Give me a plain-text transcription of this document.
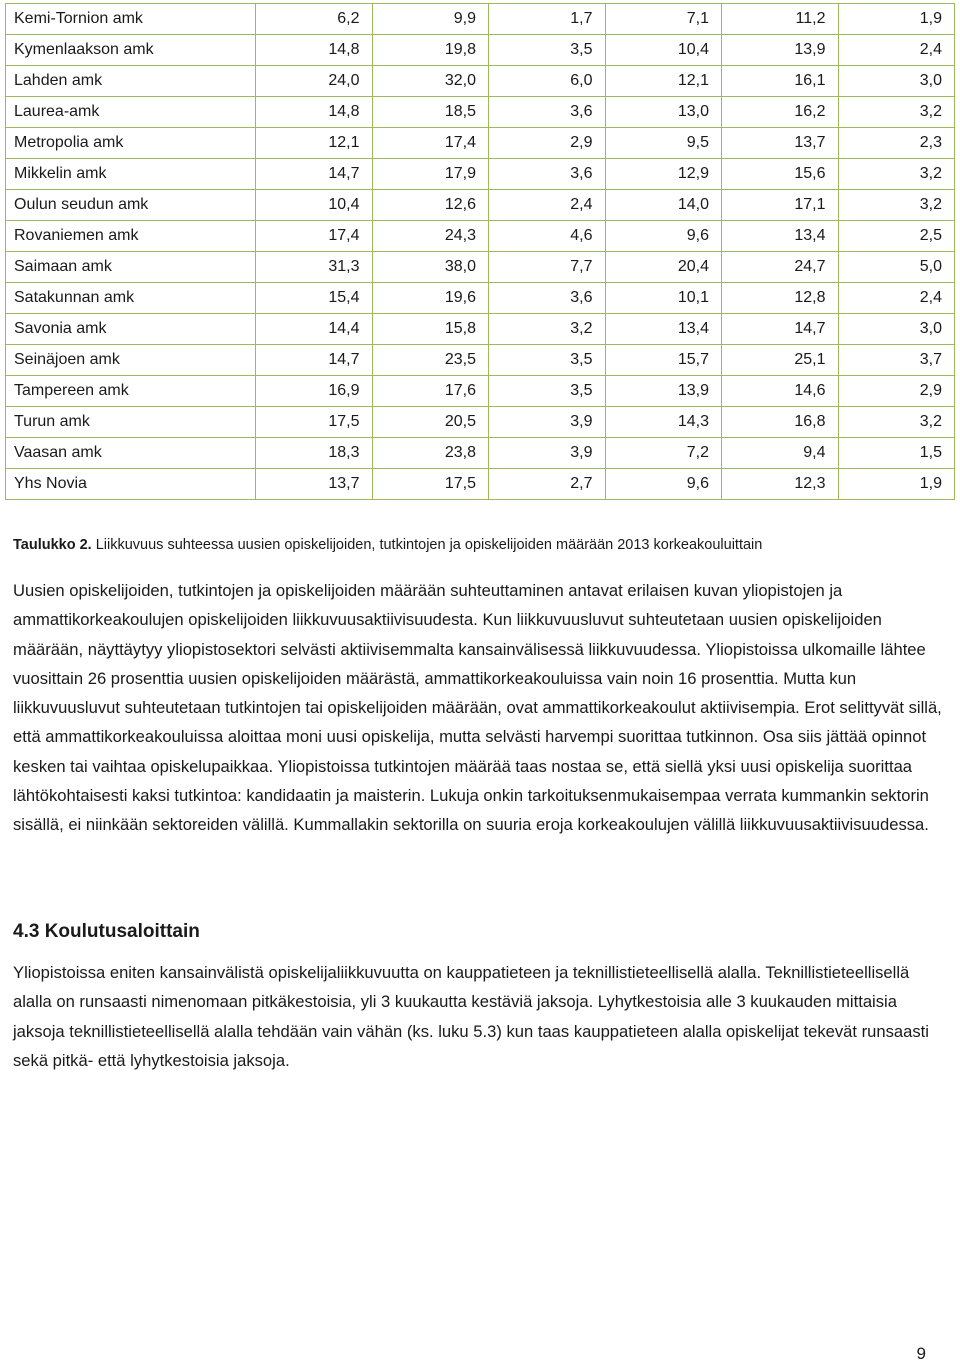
Kemi-Tornion amk	6,2	9,9	1,7	7,1	11,2	1,9
Kymenlaakson amk	14,8	19,8	3,5	10,4	13,9	2,4
Lahden amk	24,0	32,0	6,0	12,1	16,1	3,0
Laurea-amk	14,8	18,5	3,6	13,0	16,2	3,2
Metropolia amk	12,1	17,4	2,9	9,5	13,7	2,3
Mikkelin amk	14,7	17,9	3,6	12,9	15,6	3,2
Oulun seudun amk	10,4	12,6	2,4	14,0	17,1	3,2
Rovaniemen amk	17,4	24,3	4,6	9,6	13,4	2,5
Saimaan amk	31,3	38,0	7,7	20,4	24,7	5,0
Satakunnan amk	15,4	19,6	3,6	10,1	12,8	2,4
Savonia amk	14,4	15,8	3,2	13,4	14,7	3,0
Seinäjoen amk	14,7	23,5	3,5	15,7	25,1	3,7
Tampereen amk	16,9	17,6	3,5	13,9	14,6	2,9
Turun amk	17,5	20,5	3,9	14,3	16,8	3,2
Vaasan amk	18,3	23,8	3,9	7,2	9,4	1,5
Yhs Novia	13,7	17,5	2,7	9,6	12,3	1,9
Taulukko 2. Liikkuvuus suhteessa uusien opiskelijoiden, tutkintojen ja opiskelijoiden määrään 2013 korkeakouluittain

Uusien opiskelijoiden, tutkintojen ja opiskelijoiden määrään suhteuttaminen antavat erilaisen kuvan yliopistojen ja ammattikorkeakoulujen opiskelijoiden liikkuvuusaktiivisuudesta. Kun liikkuvuusluvut suhteutetaan uusien opiskelijoiden määrään, näyttäytyy yliopistosektori selvästi aktiivisemmalta kansainvälisessä liikkuvuudessa. Yliopistoissa ulkomaille lähtee vuosittain 26 prosenttia uusien opiskelijoiden määrästä, ammattikorkeakouluissa vain noin 16 prosenttia. Mutta kun liikkuvuusluvut suhteutetaan tutkintojen tai opiskelijoiden määrään, ovat ammattikorkeakoulut aktiivisempia. Erot selittyvät sillä, että ammattikorkeakouluissa aloittaa moni uusi opiskelija, mutta selvästi harvempi suorittaa tutkinnon. Osa siis jättää opinnot kesken tai vaihtaa opiskelupaikkaa. Yliopistoissa tutkintojen määrää taas nostaa se, että siellä yksi uusi opiskelija suorittaa lähtökohtaisesti kaksi tutkintoa: kandidaatin ja maisterin. Lukuja onkin tarkoituksenmukaisempaa verrata kummankin sektorin sisällä, ei niinkään sektoreiden välillä. Kummallakin sektorilla on suuria eroja korkeakoulujen välillä liikkuvuusaktiivisuudessa.

4.3 Koulutusaloittain

Yliopistoissa eniten kansainvälistä opiskelijaliikkuvuutta on kauppatieteen ja teknillistieteellisellä alalla. Teknillistieteellisellä alalla on runsaasti nimenomaan pitkäkestoisia, yli 3 kuukautta kestäviä jaksoja. Lyhytkestoisia alle 3 kuukauden mittaisia jaksoja teknillistieteellisellä alalla tehdään vain vähän (ks. luku 5.3) kun taas kauppatieteen alalla opiskelijat tekevät runsaasti sekä pitkä- että lyhytkestoisia jaksoja.

9
